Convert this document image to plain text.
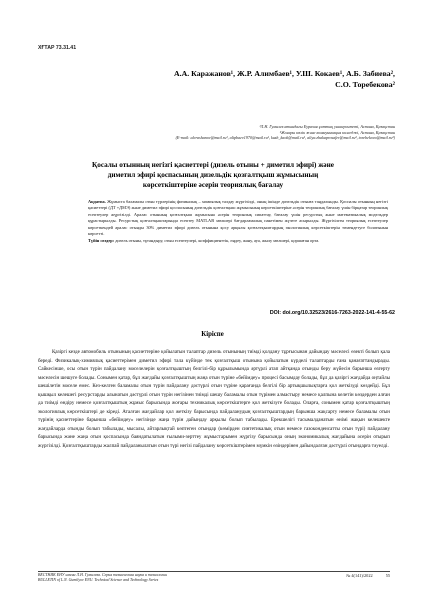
ХҒТАР 73.31.41
А.А. Каражанов¹, Ж.Р. Алимбаев¹, У.Ш. Кокаев¹, А.Б. Забиева²,
С.О. Торебекова²
¹Л.Н. Гумилев атындағы Еуразия ұлттық университеті, Астана, Қазақстан
²Жоғары көлік және коммуникация колледжі, Астана, Қазақстан
(E-mail: alerashanov@mail.ru¹, alipbaev1970@mail.ru¹, kush_kaok@mail.ru¹, aliya.zhakaprosafer@mail.ru², torebekova@mail.ru²)
Қосалы отынның негізгі қасиеттері (дизель отыны + диметил эфирі) және
диметил эфирі қоспасының дизельдік қозғалтқыш жұмысының
көрсеткіштеріне әсерін теориялық бағалау
Аңдатпа. Жұмыста баламалы отын түрлерінің физикалық – химиялық талдау жүргізілді, оның ішінде дизельдік отынға таңдалынды. Қоспалы отынның негізгі қасиеттері (ДТ +ДМЭ) және диметил эфирі қоспасының дизельдік қозғалтқыш жұмысының көрсеткіштеріне әсерін теориялық бағалау үшін бірқатар теориялық есептеулер жүргізілді. Аралас отынның қозғалтқыш жұмысына әсерін теориялық сипаттау, бағалау үшін ресурстық және математикалық модельдер құрастырылды. Ресурстық қозғалтқыштарында есептеу MATLAB мөлшері бағдарламалық пакетімен жүзеге асырылды. Жүргізілген теориялық есептеулер көрсеткендей аралас отынды 30% диметил эфирі дизель отынына қосу арқылы қозғалтқыштардың экологиялық көрсеткіштерін төмендетуге болатынын көрсетті.
Түйін сөздер: дизель отыны, тұтандыру, отын есептеулері, коэффициенттік, өңдеу, жану, ауа, жылу мөлшері, қоршаған орта.
DOI: doi.org/10.32523/2616-7263-2022-141-4-55-62
Кіріспе

Қазіргі кезде автомобиль отынының қасиеттеріне қойылатын талаптар дизель отынының тиімді қолдану тұрғысынан дайындау мәселесі өзекті болып қала береді. Физикалық-химиялық қасиеттерімен диметил эфирі тала күйінде тек қозғалтқыш отынына қойылатын күрделі талаптарды ғана қанағаттандырады. Сайкесінше, осы отын түрін пайдалану мәселелерін қозғалтқыштың белгілі-бір құрылымында әртүрлі атап айтқанда отынды беру жүйесін барынша өзгерту мәселесін шешуге болады. Сонымен қатар, бұл жағдайы қозғалтқыштың жаңа отын түріне «бейімдеу» процесі басымдау болады, бұл да қазіргі жағдайда оңтайлы шешілетін мәселе емес. Кез-келген баламалы отын түрін пайдалану дәстүрлі отын түріне қарағанда белгілі бір артықшылықтарға қол жеткізуді көздейді. Бұл қышқыл келешегі ресурстарды алынатын дәстүрлі отын түрін негізінен тиімді шешу баламалы отын түрімен алмастыру немесе қалпына келетін көздерден алған да тиімді өндіру немесе қозғалтқыштың жұмыс барысында жоғары техникалық көрсеткіштерге қол жеткізуге болады. Оларға, сонымен қатар қозғалтқыштың экологиялық көрсеткіштері де кіреді. Аталған жағдайлар қол жеткізу барысында пайдаланудың қозғалтқыштардың барынша жақсарту немесе баламалы отын түрінің қасиеттеріне барынша «бейімдеу» негізінде жаңа түрін дайындау арқылы болып табылады. Ерекшелігі тасымалданатын өнімі жақын келешекте жағдайларда отынды болып табылады, мысалы, айтарлықтай көптеген отындар (көмірден синтетикалық отын немесе газоконденсатты отын түрі) пайдалану барысында және жаңа отын қоспасында баяндатылатын ғылыми-зерттеу жұмыстарымен жүргізу барысында оның экономикалық жағдайына әсерін отырып жүргізілді. Қозғалтқыштарды жалпай пайдаланылатын отын түрі негізі пайдалану көрсеткіштерімен мүмкін өзіндерінен дайындалған дәстүрлі отындарға тәуелді.

ВЕСТНИК ЕНУ имени Л.Н. Гумилева. Серия техническая наука и технологии
BULLETIN of L.N. Gumilyov ENU. Technical Science and Technology Series
№ 4(141)/2022	55
